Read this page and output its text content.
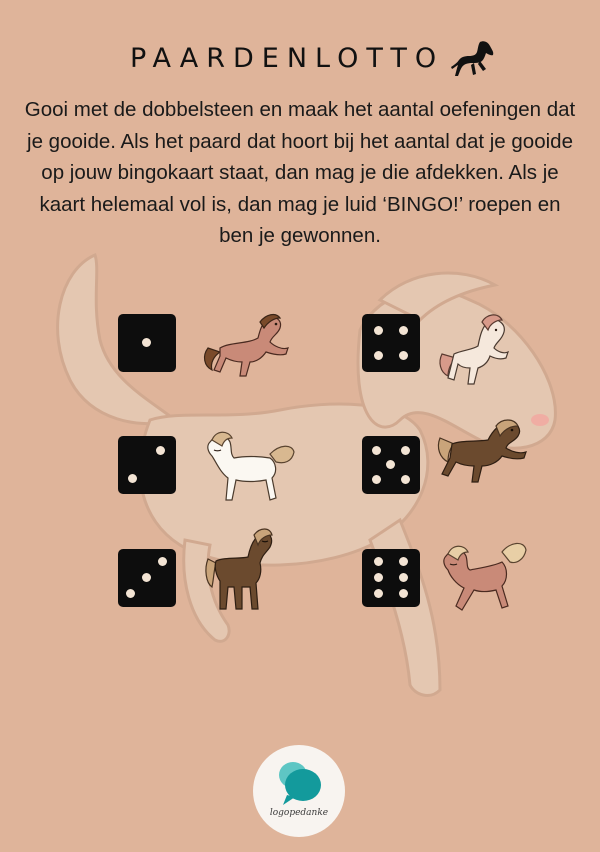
PAARDENLOTTO
Gooi met de dobbelsteen en maak het aantal oefeningen dat je gooide. Als het paard dat hoort bij het aantal dat je gooide op jouw bingokaart staat, dan mag je die afdekken. Als je kaart helemaal vol is, dan mag je luid ‘BINGO!’ roepen en ben je gewonnen.
logopedanke
